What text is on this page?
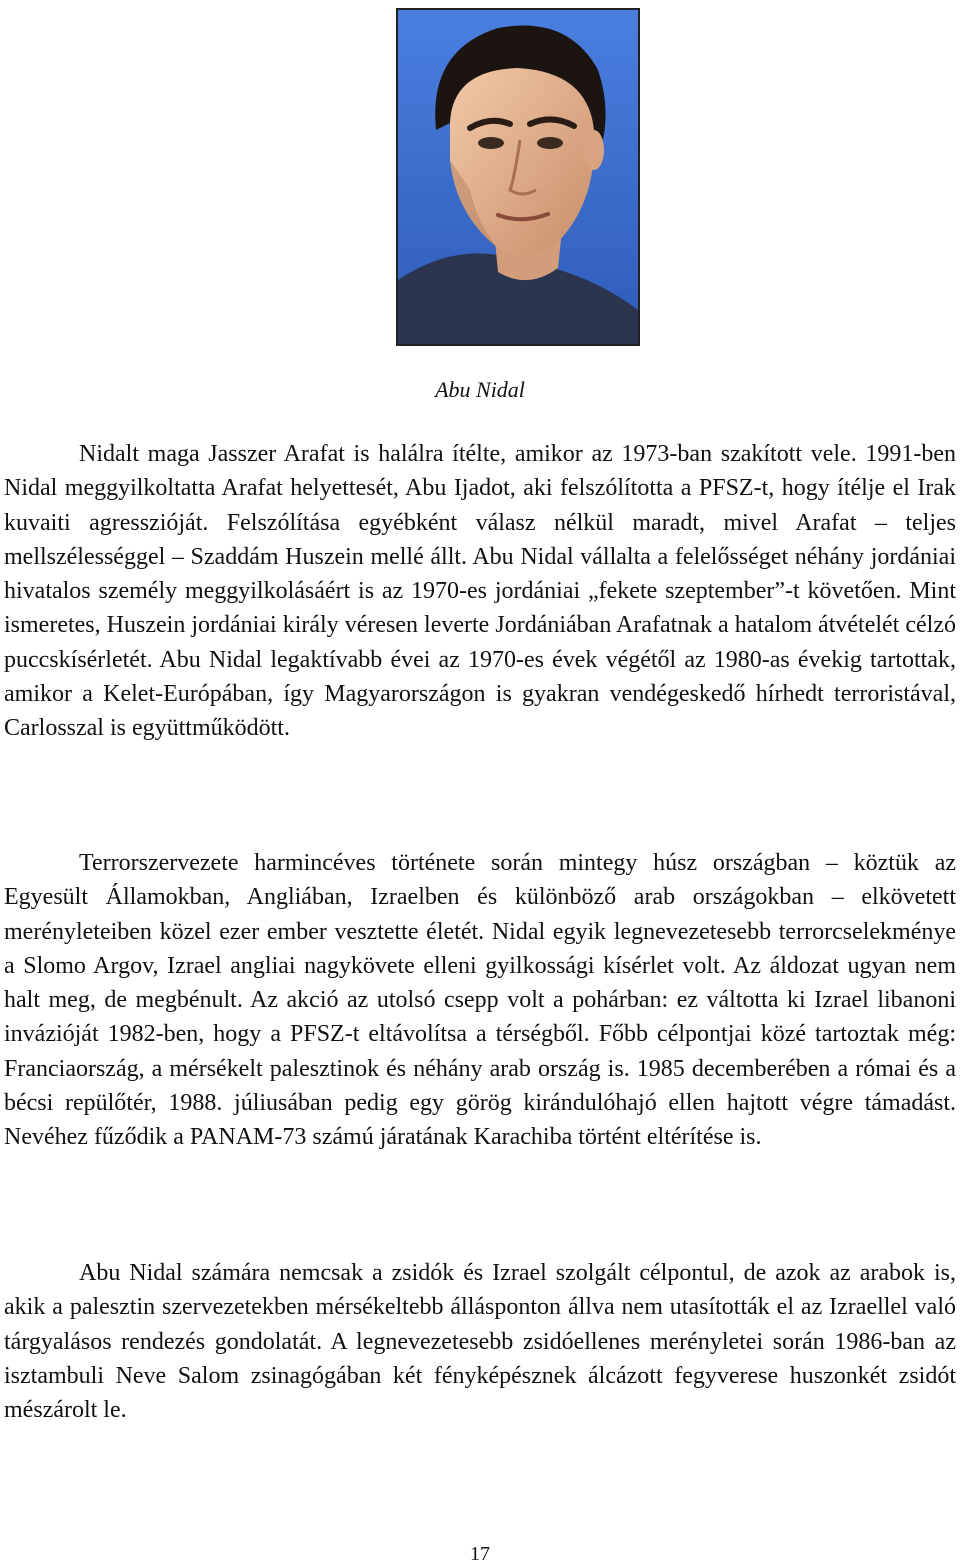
Abu Nidal

Nidalt maga Jasszer Arafat is halálra ítélte, amikor az 1973-ban szakított vele. 1991-ben Nidal meggyilkoltatta Arafat helyettesét, Abu Ijadot, aki felszólította a PFSZ-t, hogy ítélje el Irak kuvaiti agresszióját. Felszólítása egyébként válasz nélkül maradt, mivel Arafat – teljes mellszélességgel – Szaddám Huszein mellé állt. Abu Nidal vállalta a felelősséget néhány jordániai hivatalos személy meggyilkolásáért is az 1970-es jordániai „fekete szeptember”-t követően. Mint ismeretes, Huszein jordániai király véresen leverte Jordániában Arafatnak a hatalom átvételét célzó puccskísérletét. Abu Nidal legaktívabb évei az 1970-es évek végétől az 1980-as évekig tartottak, amikor a Kelet-Európában, így Magyarországon is gyakran vendégeskedő hírhedt terroristával, Carlosszal is együttműködött.

Terrorszervezete harmincéves története során mintegy húsz országban – köztük az Egyesült Államokban, Angliában, Izraelben és különböző arab országokban – elkövetett merényleteiben közel ezer ember vesztette életét. Nidal egyik legnevezetesebb terrorcselekménye a Slomo Argov, Izrael angliai nagykövete elleni gyilkossági kísérlet volt. Az áldozat ugyan nem halt meg, de megbénult. Az akció az utolsó csepp volt a pohárban: ez váltotta ki Izrael libanoni invázióját 1982-ben, hogy a PFSZ-t eltávolítsa a térségből. Főbb célpontjai közé tartoztak még: Franciaország, a mérsékelt palesztinok és néhány arab ország is. 1985 decemberében a római és a bécsi repülőtér, 1988. júliusában pedig egy görög kirándulóhajó ellen hajtott végre támadást. Nevéhez fűződik a PANAM-73 számú járatának Karachiba történt eltérítése is.

Abu Nidal számára nemcsak a zsidók és Izrael szolgált célpontul, de azok az arabok is, akik a palesztin szervezetekben mérsékeltebb állásponton állva nem utasították el az Izraellel való tárgyalásos rendezés gondolatát. A legnevezetesebb zsidóellenes merényletei során 1986-ban az isztambuli Neve Salom zsinagógában két fényképésznek álcázott fegyverese huszonkét zsidót mészárolt le.

17
